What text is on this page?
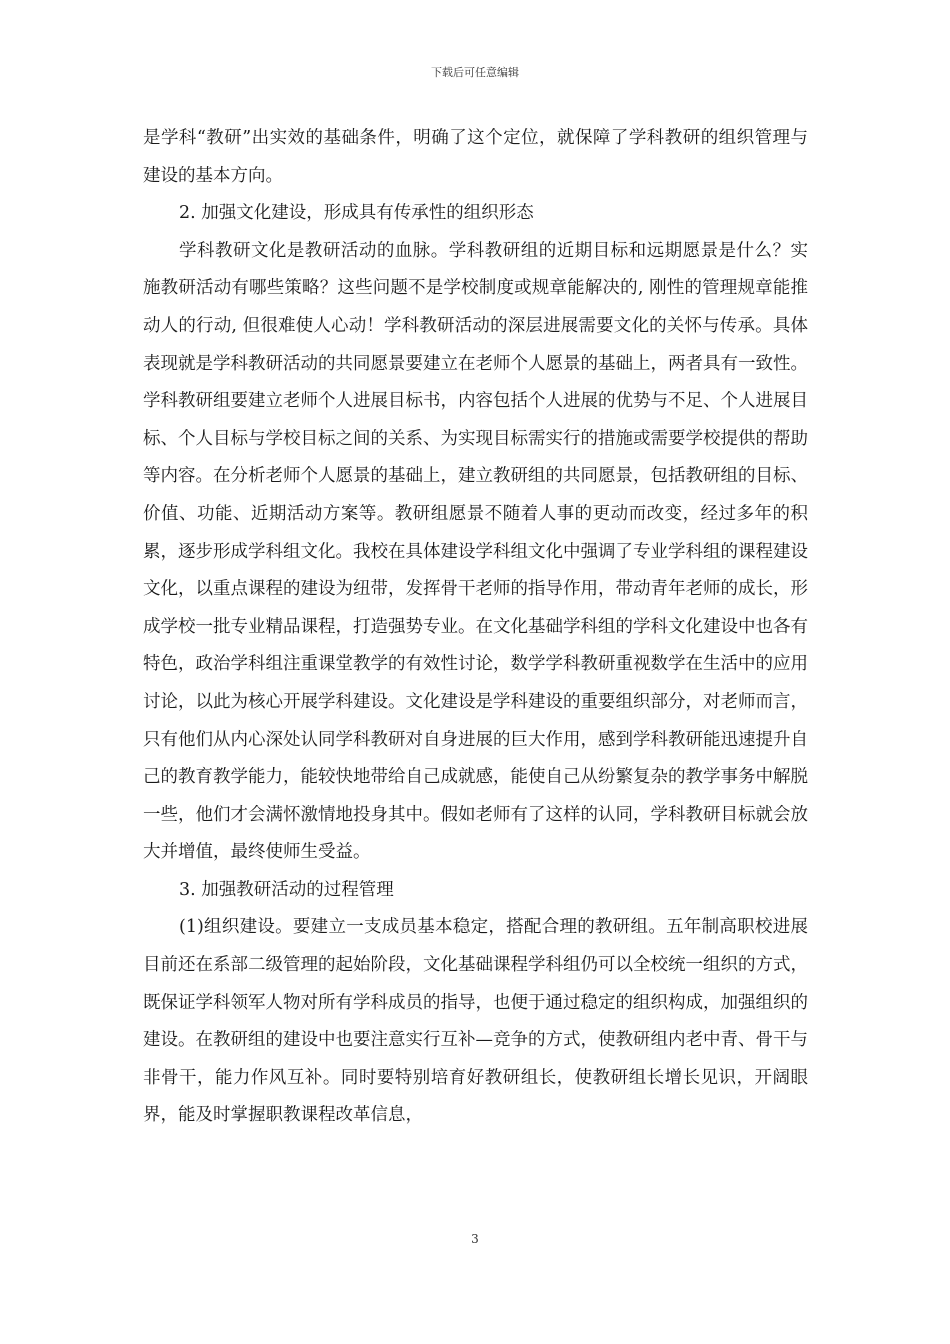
下载后可任意编辑

是学科“教研”出实效的基础条件，明确了这个定位，就保障了学科教研的组织管理与建设的基本方向。

2. 加强文化建设，形成具有传承性的组织形态

学科教研文化是教研活动的血脉。学科教研组的近期目标和远期愿景是什么？实施教研活动有哪些策略？这些问题不是学校制度或规章能解决的, 刚性的管理规章能推动人的行动, 但很难使人心动！学科教研活动的深层进展需要文化的关怀与传承。具体表现就是学科教研活动的共同愿景要建立在老师个人愿景的基础上，两者具有一致性。学科教研组要建立老师个人进展目标书，内容包括个人进展的优势与不足、个人进展目标、个人目标与学校目标之间的关系、为实现目标需实行的措施或需要学校提供的帮助等内容。在分析老师个人愿景的基础上，建立教研组的共同愿景，包括教研组的目标、价值、功能、近期活动方案等。教研组愿景不随着人事的更动而改变，经过多年的积累，逐步形成学科组文化。我校在具体建设学科组文化中强调了专业学科组的课程建设文化，以重点课程的建设为纽带，发挥骨干老师的指导作用，带动青年老师的成长，形成学校一批专业精品课程，打造强势专业。在文化基础学科组的学科文化建设中也各有特色，政治学科组注重课堂教学的有效性讨论，数学学科教研重视数学在生活中的应用讨论，以此为核心开展学科建设。文化建设是学科建设的重要组织部分，对老师而言，只有他们从内心深处认同学科教研对自身进展的巨大作用，感到学科教研能迅速提升自己的教育教学能力，能较快地带给自己成就感，能使自己从纷繁复杂的教学事务中解脱一些，他们才会满怀激情地投身其中。假如老师有了这样的认同，学科教研目标就会放大并增值，最终使师生受益。

3. 加强教研活动的过程管理

(1)组织建设。要建立一支成员基本稳定，搭配合理的教研组。五年制高职校进展目前还在系部二级管理的起始阶段，文化基础课程学科组仍可以全校统一组织的方式，既保证学科领军人物对所有学科成员的指导，也便于通过稳定的组织构成，加强组织的建设。在教研组的建设中也要注意实行互补—竞争的方式，使教研组内老中青、骨干与非骨干，能力作风互补。同时要特别培育好教研组长，使教研组长增长见识，开阔眼界，能及时掌握职教课程改革信息，

3
